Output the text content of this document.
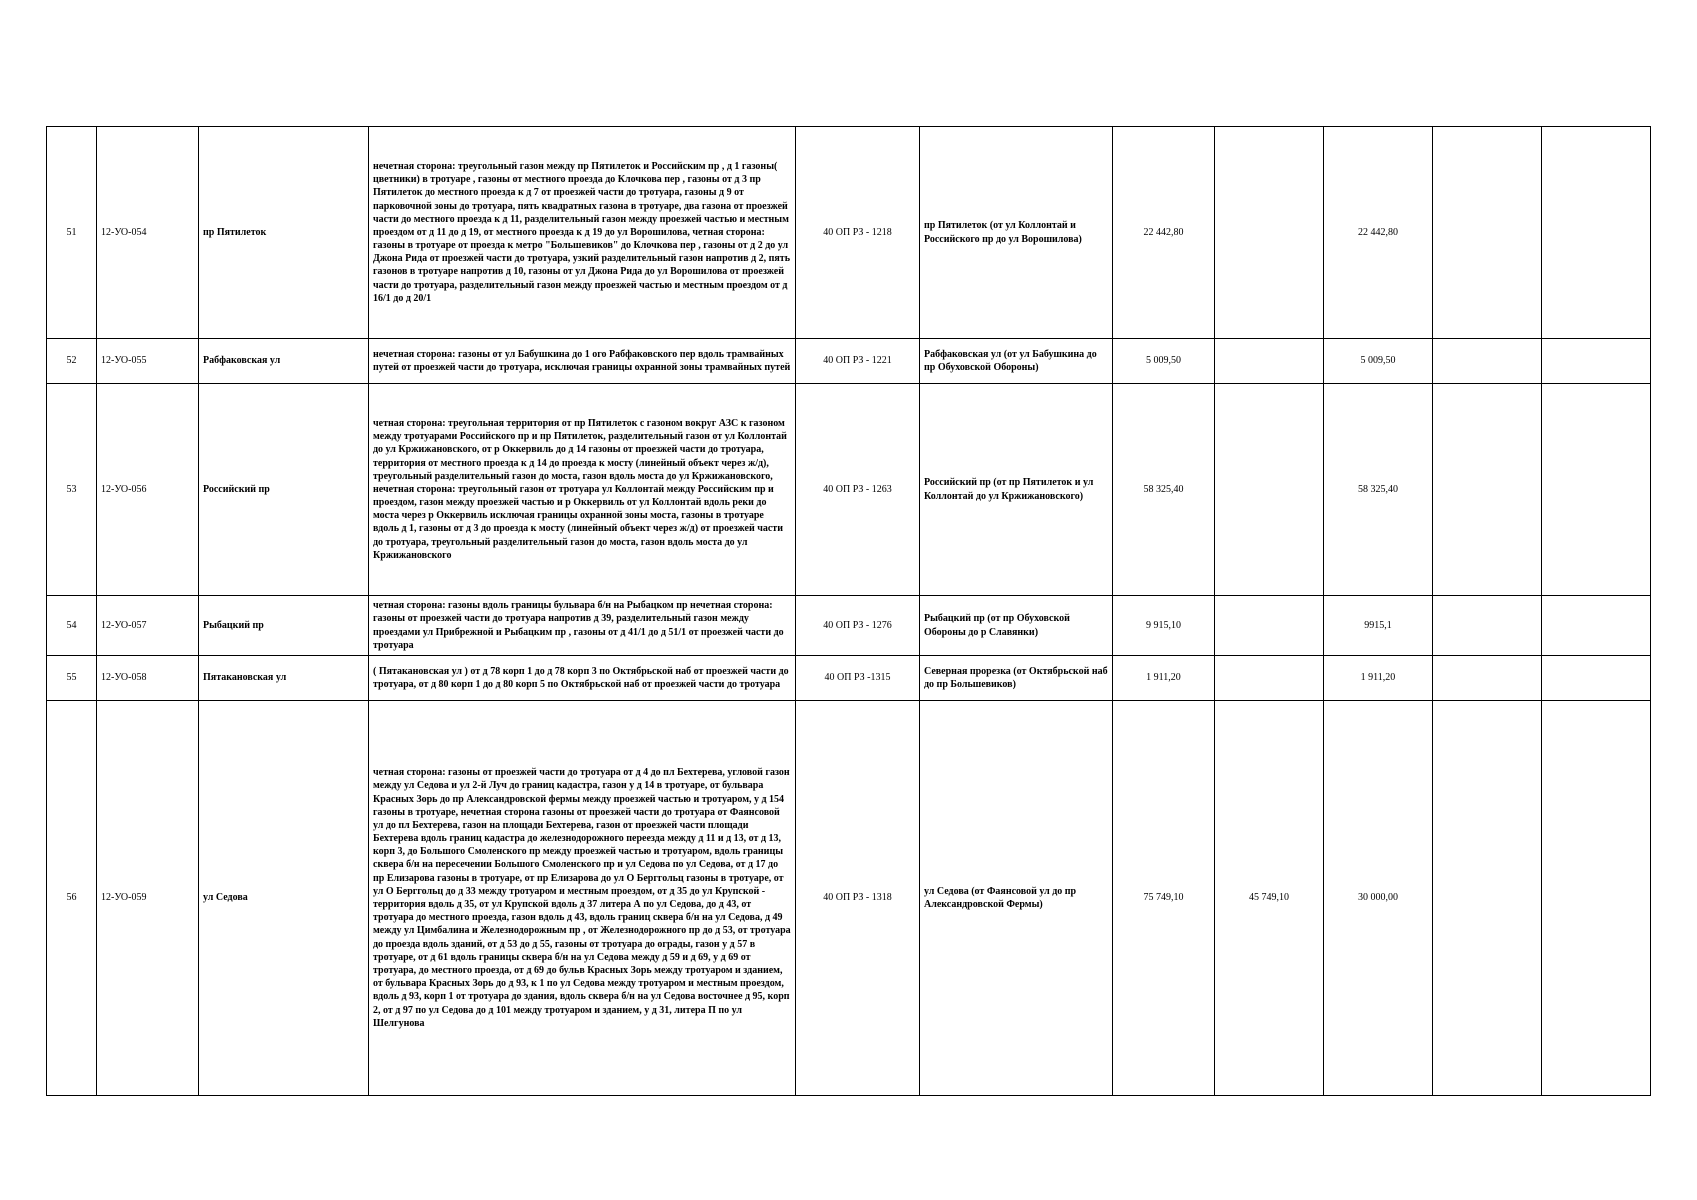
51	12-УО-054	пр Пятилеток	нечетная сторона: треугольный газон между пр Пятилеток и Российским пр , д 1 газоны( цветники) в тротуаре , газоны от местного проезда до Клочкова пер , газоны от д 3 пр Пятилеток до местного проезда к д 7 от проезжей части до тротуара, газоны д 9 от парковочной зоны до тротуара, пять квадратных газона в тротуаре, два газона от проезжей части до местного проезда к д 11, разделительный газон между проезжей частью и местным проездом от д 11 до д 19, от местного проезда к д 19 до ул Ворошилова, четная сторона: газоны в тротуаре от проезда к метро "Большевиков" до Клочкова пер , газоны от д 2 до ул Джона Рида от проезжей части до тротуара, узкий разделительный газон напротив д 2, пять газонов в тротуаре напротив д 10, газоны от ул Джона Рида до ул Ворошилова от проезжей части до тротуара, разделительный газон между проезжей частью и местным проездом от д 16/1 до д 20/1	40 ОП РЗ - 1218	пр Пятилеток (от ул Коллонтай и Российского пр до ул Ворошилова)	22 442,80		22 442,80		
52	12-УО-055	Рабфаковская ул	нечетная сторона: газоны от ул Бабушкина до 1 ого Рабфаковского пер вдоль трамвайных путей от проезжей части до тротуара, исключая границы охранной зоны трамвайных путей	40 ОП РЗ - 1221	Рабфаковская ул (от ул Бабушкина до пр Обуховской Обороны)	5 009,50		5 009,50		
53	12-УО-056	Российский пр	четная сторона: треугольная территория от пр Пятилеток с газоном вокруг АЗС к газоном между тротуарами Российского пр и пр Пятилеток, разделительный газон от ул Коллонтай до ул Кржижановского, от р Оккервиль до д 14 газоны от проезжей части до тротуара, территория от местного проезда к д 14 до проезда к мосту (линейный объект через ж/д), треугольный разделительный газон до моста, газон вдоль моста до ул Кржижановского, нечетная сторона: треугольный газон от тротуара ул Коллонтай между Российским пр и проездом, газон между проезжей частью и р Оккервиль от ул Коллонтай вдоль реки до моста через р Оккервиль исключая границы охранной зоны моста, газоны в тротуаре вдоль д 1, газоны от д 3 до проезда к мосту (линейный объект через ж/д) от проезжей части до тротуара, треугольный разделительный газон до моста, газон вдоль моста до ул Кржижановского	40 ОП РЗ - 1263	Российский пр (от пр Пятилеток и ул Коллонтай до ул Кржижановского)	58 325,40		58 325,40		
54	12-УО-057	Рыбацкий пр	четная сторона: газоны вдоль границы бульвара б/н на Рыбацком пр нечетная сторона: газоны от проезжей части до тротуара напротив д 39, разделительный газон между проездами ул Прибрежной и Рыбацким пр , газоны от д 41/1 до д 51/1 от проезжей части до тротуара	40 ОП РЗ - 1276	Рыбацкий пр (от пр Обуховской Обороны до р Славянки)	9 915,10		9915,1		
55	12-УО-058	Пятакановская ул	( Пятакановская ул ) от д 78 корп 1 до д 78 корп 3 по Октябрьской наб от проезжей части до тротуара, от д 80 корп 1 до д 80 корп 5 по Октябрьской наб от проезжей части до тротуара	40 ОП РЗ -1315	Северная прорезка (от Октябрьской наб до пр Большевиков)	1 911,20		1 911,20		
56	12-УО-059	ул Седова	четная сторона: газоны от проезжей части до тротуара от д 4 до пл Бехтерева, угловой газон между ул Седова и ул 2-й Луч до границ кадастра, газон у д 14 в тротуаре, от бульвара Красных Зорь до пр Александровской фермы между проезжей частью и тротуаром, у д 154 газоны в тротуаре, нечетная сторона газоны от проезжей части до тротуара от Фаянсовой ул до пл Бехтерева, газон на площади Бехтерева, газон от проезжей части площади Бехтерева вдоль границ кадастра до железнодорожного переезда между д 11 и д 13, от д 13, корп 3, до Большого Смоленского пр между проезжей частью и тротуаром, вдоль границы сквера б/н на пересечении Большого Смоленского пр и ул Седова по ул Седова, от д 17 до пр Елизарова газоны в тротуаре, от пр Елизарова до ул О Берггольц газоны в тротуаре, от ул О Берггольц до д 33 между тротуаром и местным проездом, от д 35 до ул Крупской - территория вдоль д 35, от ул Крупской вдоль д 37 литера А по ул Седова, до д 43, от тротуара до местного проезда, газон вдоль д 43, вдоль границ сквера б/н на ул Седова, д 49 между ул Цимбалина и Железнодорожным пр , от Железнодорожного пр до д 53, от тротуара до проезда вдоль зданий, от д 53 до д 55, газоны от тротуара до ограды, газон у д 57 в тротуаре, от д 61 вдоль границы сквера б/н на ул Седова между д 59 и д 69, у д 69 от тротуара, до местного проезда, от д 69 до бульв Красных Зорь между тротуаром и зданием, от бульвара Красных Зорь до д 93, к 1 по ул Седова между тротуаром и местным проездом, вдоль д 93, корп 1 от тротуара до здания, вдоль сквера б/н на ул Седова восточнее д 95, корп 2, от д 97 по ул Седова до д 101 между тротуаром и зданием, у д 31, литера П по ул Шелгунова	40 ОП РЗ - 1318	ул Седова (от Фаянсовой ул до пр Александровской Фермы)	75 749,10	45 749,10	30 000,00		
